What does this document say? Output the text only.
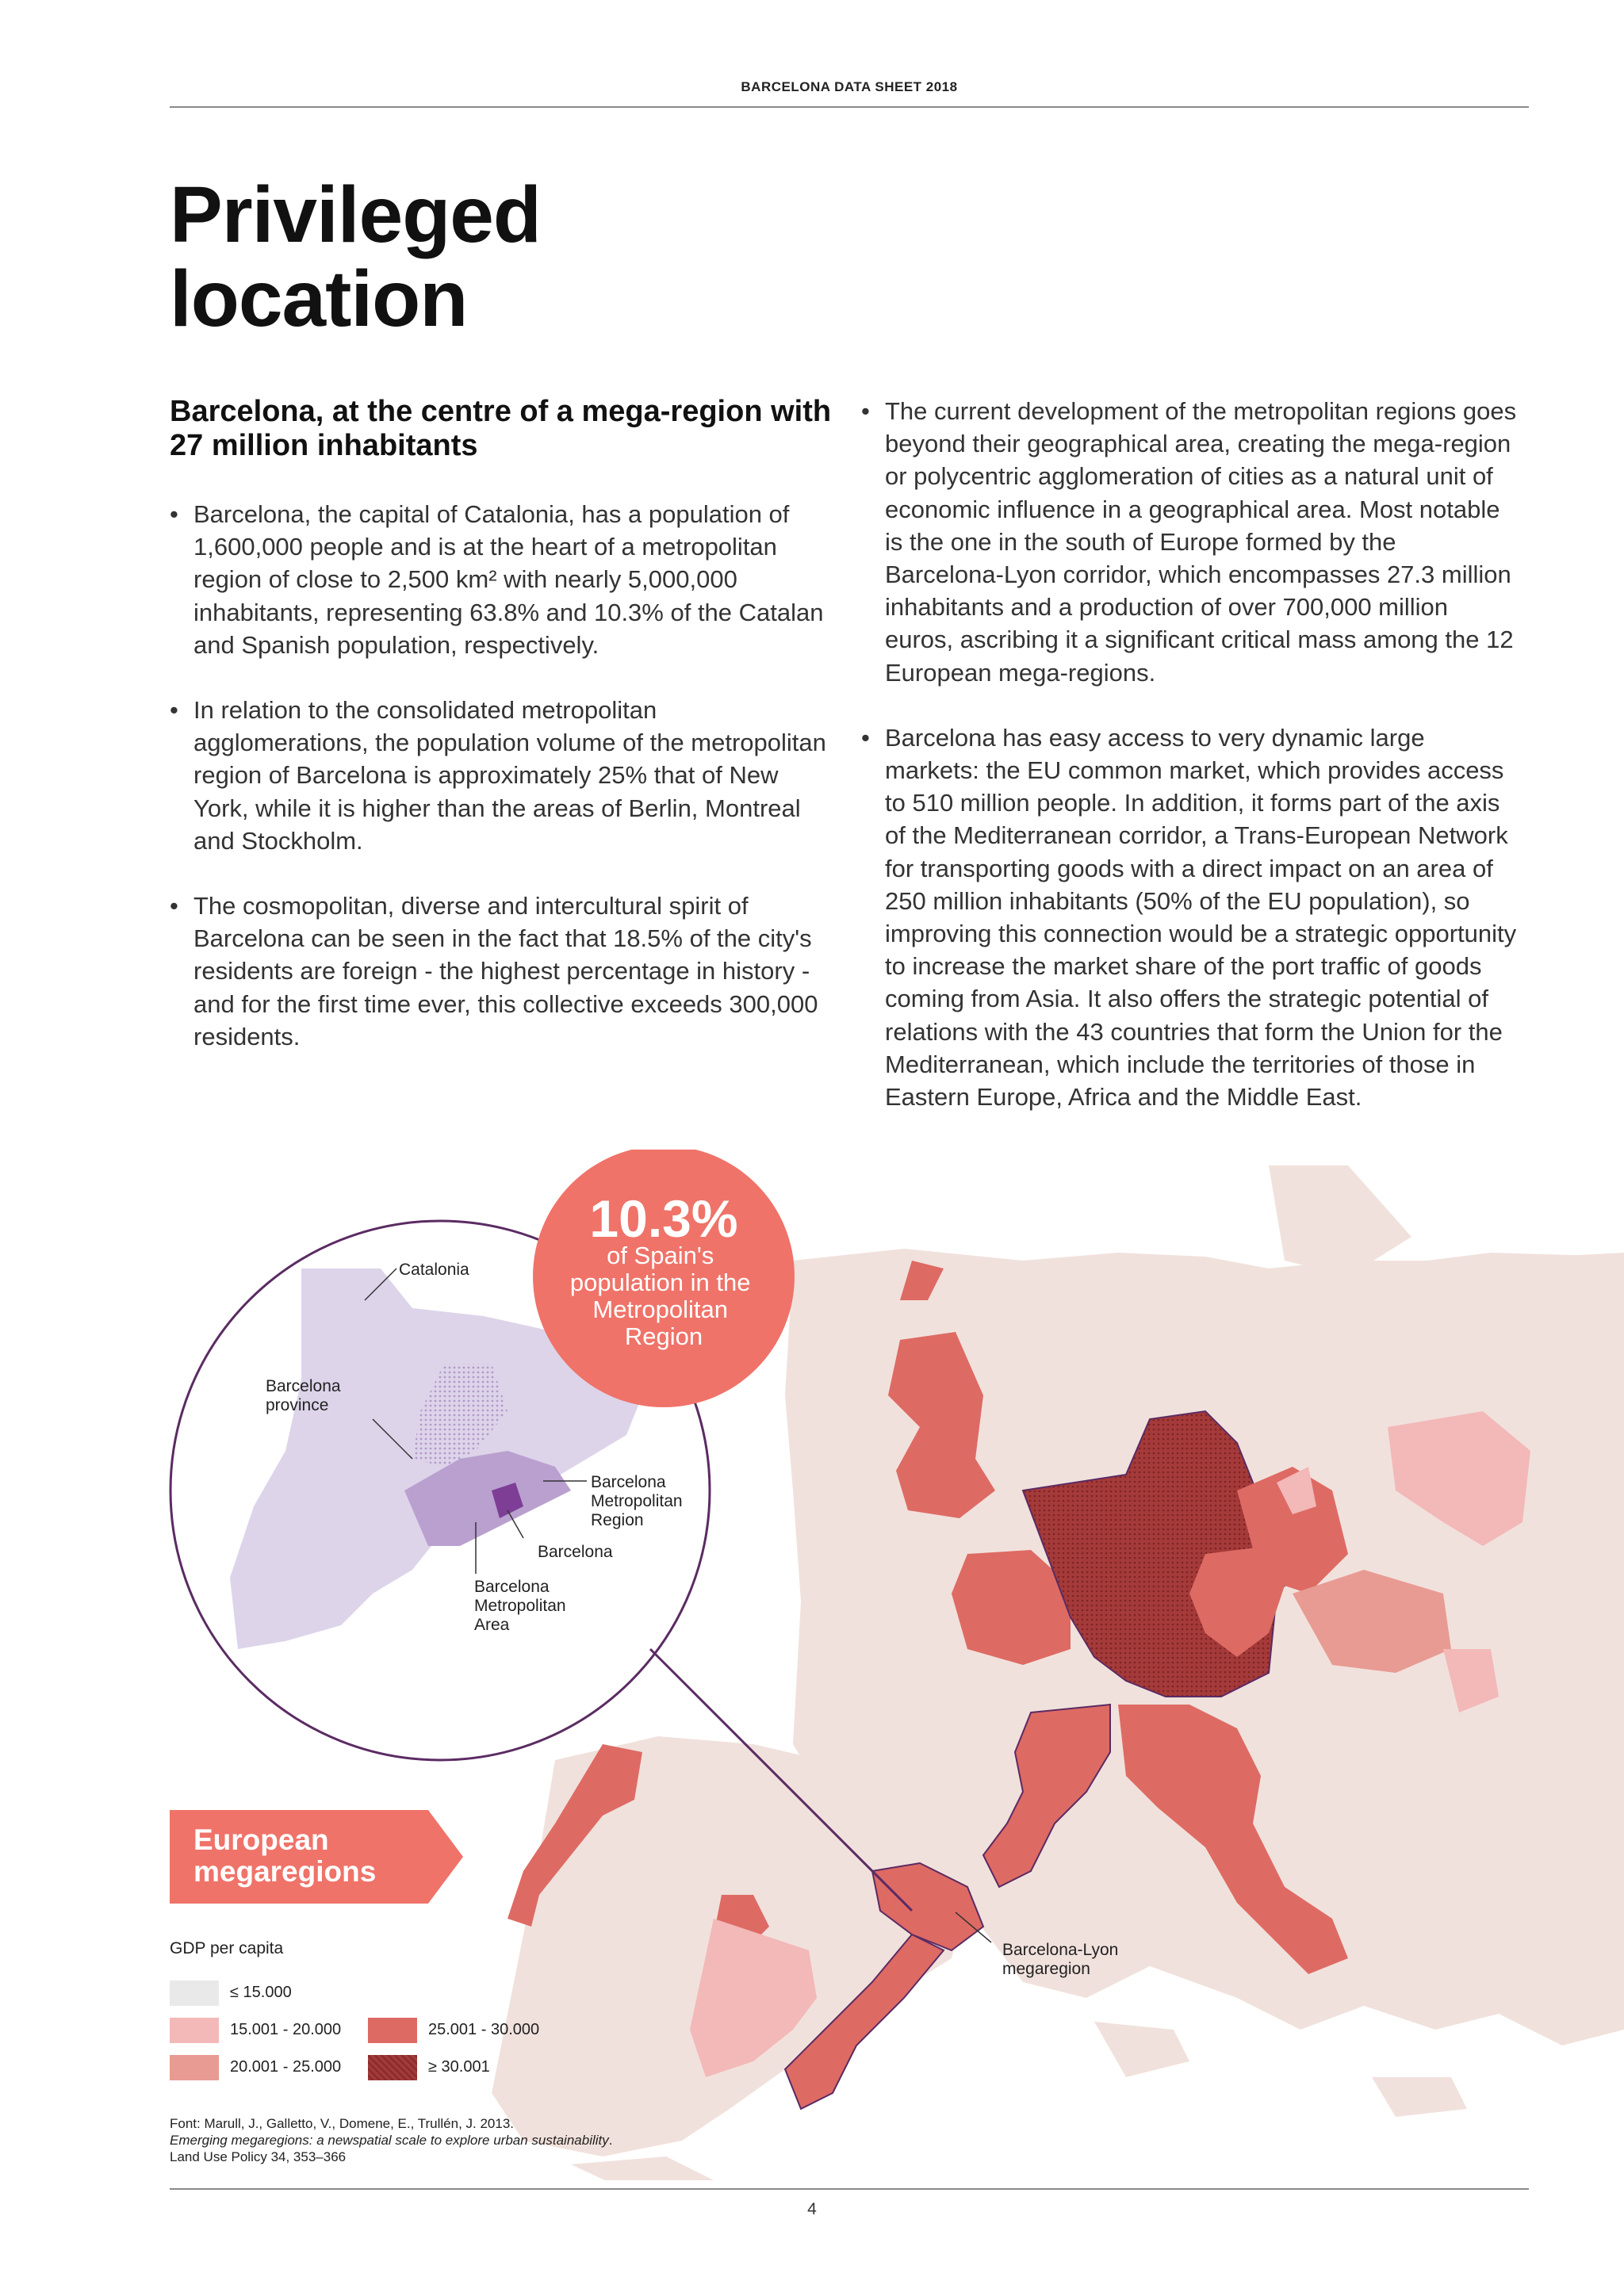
BARCELONA DATA SHEET 2018
Privileged
location
Barcelona, at the centre of a mega-region with 27 million inhabitants
• Barcelona, the capital of Catalonia, has a population of 1,600,000 people and is at the heart of a metropolitan region of close to 2,500 km² with nearly 5,000,000 inhabitants, representing 63.8% and 10.3% of the Catalan and Spanish population, respectively.
• In relation to the consolidated metropolitan agglomerations, the population volume of the metropolitan region of Barcelona is approximately 25% that of New York, while it is higher than the areas of Berlin, Montreal and Stockholm.
• The cosmopolitan, diverse and intercultural spirit of Barcelona can be seen in the fact that 18.5% of the city's residents are foreign - the highest percentage in history - and for the first time ever, this collective exceeds 300,000 residents.
• The current development of the metropolitan regions goes beyond their geographical area, creating the mega-region or polycentric agglomeration of cities as a natural unit of economic influence in a geographical area. Most notable is the one in the south of Europe formed by the Barcelona-Lyon corridor, which encompasses 27.3 million inhabitants and a production of over 700,000 million euros, ascribing it a significant critical mass among the 12 European mega-regions.
• Barcelona has easy access to very dynamic large markets: the EU common market, which provides access to 510 million people. In addition, it forms part of the axis of the Mediterranean corridor, a Trans-European Network for transporting goods with a direct impact on an area of 250 million inhabitants (50% of the EU population), so improving this connection would be a strategic opportunity to increase the market share of the port traffic of goods coming from Asia. It also offers the strategic potential of relations with the 43 countries that form the Union for the Mediterranean, which include the territories of those in Eastern Europe, Africa and the Middle East.
Catalonia
Barcelona province
Barcelona Metropolitan Region
Barcelona
Barcelona Metropolitan Area
10.3%
of Spain's population in the Metropolitan Region
Barcelona-Lyon megaregion
European
megaregions
GDP per capita
≤ 15.000
15.001 - 20.000
20.001 - 25.000
25.001 - 30.000
≥ 30.001
Font: Marull, J., Galletto, V., Domene, E., Trullén, J. 2013.
Emerging megaregions: a newspatial scale to explore urban sustainability. Land Use Policy 34, 353–366
4
